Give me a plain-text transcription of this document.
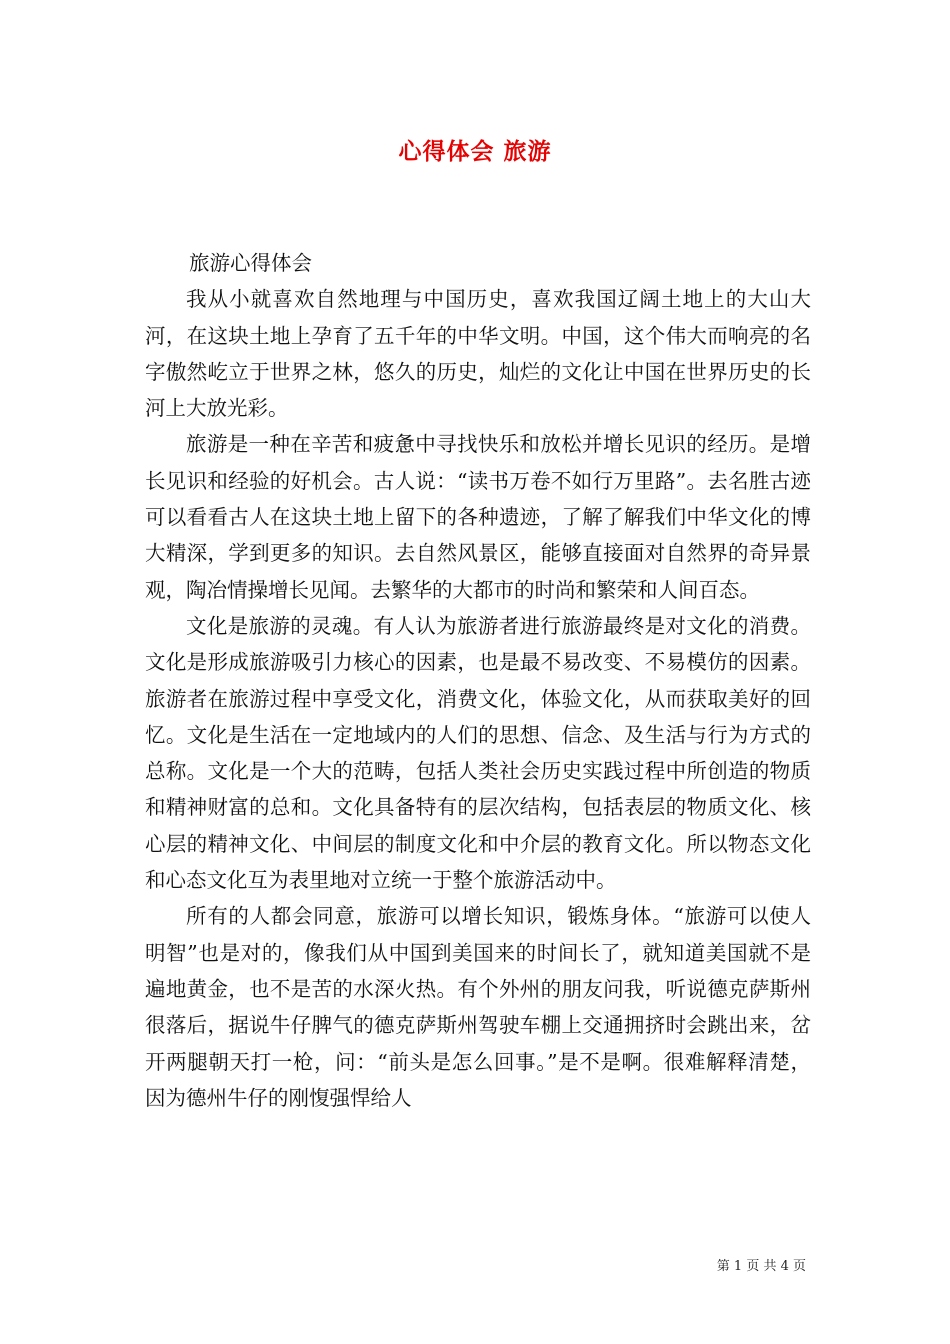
心得体会 旅游

旅游心得体会

我从小就喜欢自然地理与中国历史，喜欢我国辽阔土地上的大山大河，在这块土地上孕育了五千年的中华文明。中国，这个伟大而响亮的名字傲然屹立于世界之林，悠久的历史，灿烂的文化让中国在世界历史的长河上大放光彩。

旅游是一种在辛苦和疲惫中寻找快乐和放松并增长见识的经历。是增长见识和经验的好机会。古人说：“读书万卷不如行万里路”。去名胜古迹可以看看古人在这块土地上留下的各种遗迹，了解了解我们中华文化的博大精深，学到更多的知识。去自然风景区，能够直接面对自然界的奇异景观，陶冶情操增长见闻。去繁华的大都市的时尚和繁荣和人间百态。

文化是旅游的灵魂。有人认为旅游者进行旅游最终是对文化的消费。文化是形成旅游吸引力核心的因素，也是最不易改变、不易模仿的因素。旅游者在旅游过程中享受文化，消费文化，体验文化，从而获取美好的回忆。文化是生活在一定地域内的人们的思想、信念、及生活与行为方式的总称。文化是一个大的范畴，包括人类社会历史实践过程中所创造的物质和精神财富的总和。文化具备特有的层次结构，包括表层的物质文化、核心层的精神文化、中间层的制度文化和中介层的教育文化。所以物态文化和心态文化互为表里地对立统一于整个旅游活动中。

所有的人都会同意，旅游可以增长知识，锻炼身体。“旅游可以使人明智”也是对的，像我们从中国到美国来的时间长了，就知道美国就不是遍地黄金，也不是苦的水深火热。有个外州的朋友问我，听说德克萨斯州很落后，据说牛仔脾气的德克萨斯州驾驶车棚上交通拥挤时会跳出来，岔开两腿朝天打一枪，问：“前头是怎么回事。”是不是啊。很难解释清楚，因为德州牛仔的刚愎强悍给人

第 1 页 共 4 页
